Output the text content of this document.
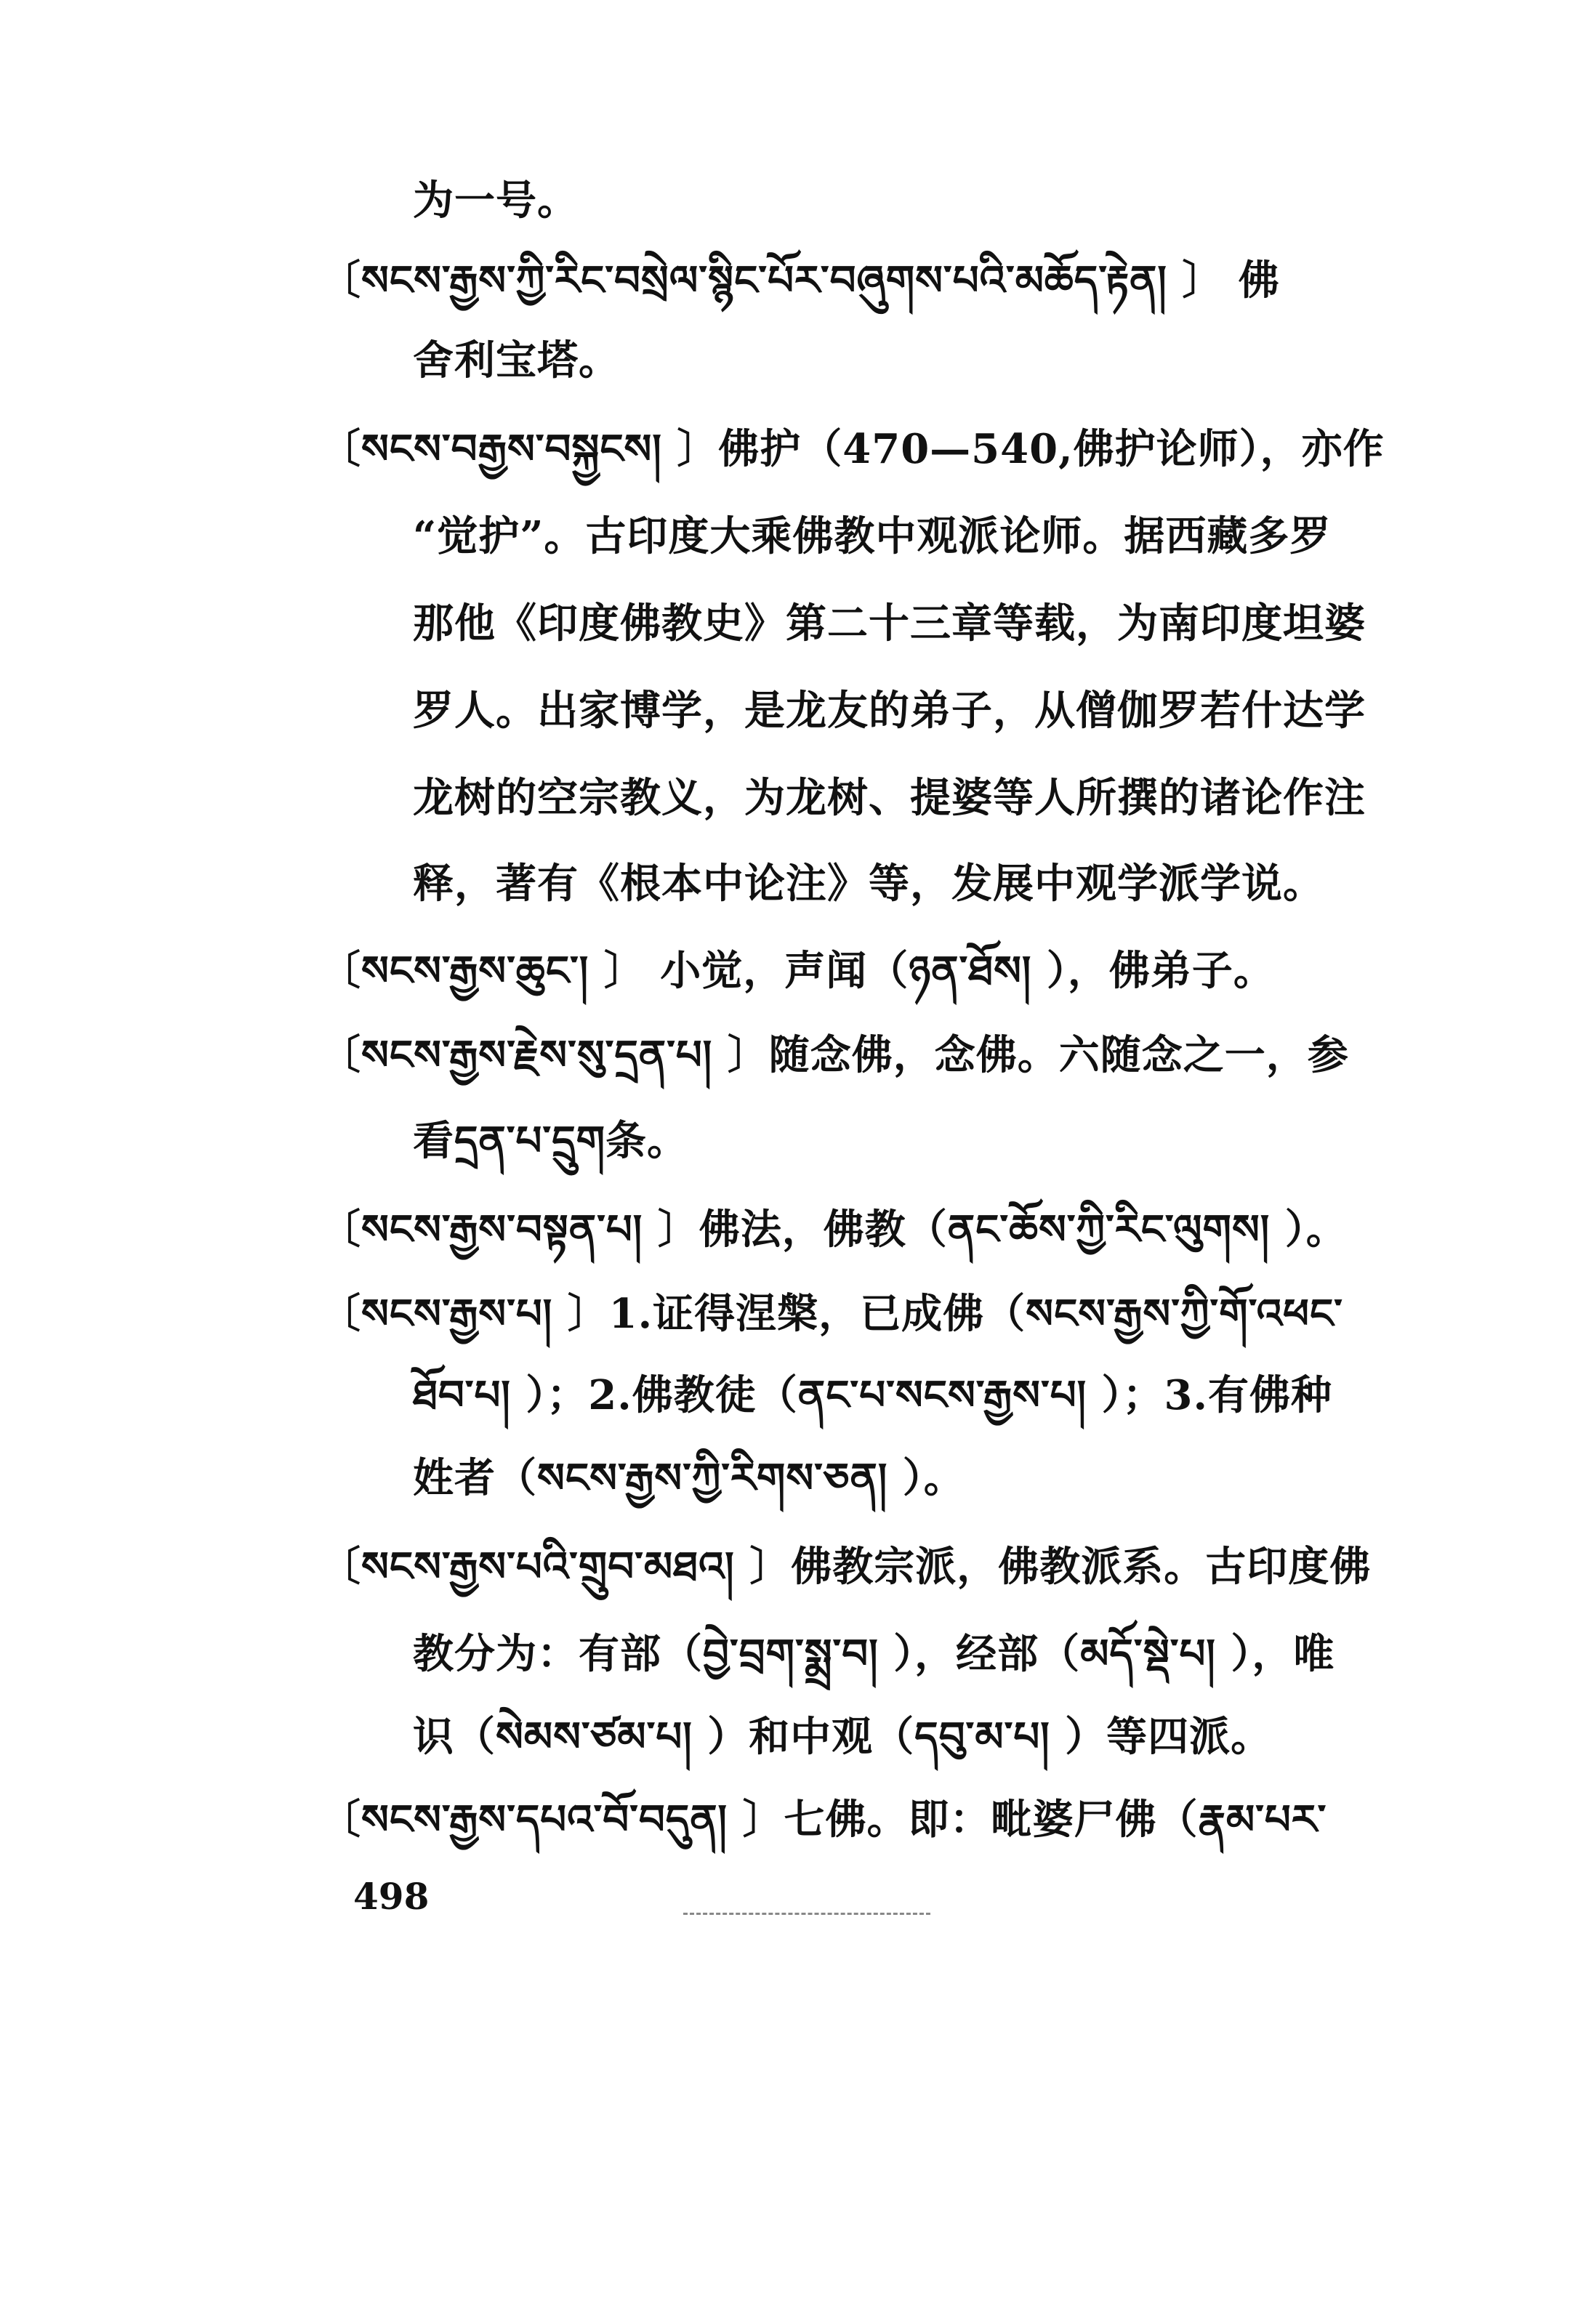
为一号。
〔སངས་རྒྱས་ཀྱི་རིང་བསྲེལ་སྙིང་པོར་བཞུགས་པའི་མཆོད་རྟེན། 〕 佛
舍利宝塔。
〔སངས་བརྒྱས་བསྐྱངས། 〕佛护（470—540,佛护论师），亦作
“觉护”。古印度大乘佛教中观派论师。据西藏多罗
那他《印度佛教史》第二十三章等载，为南印度坦婆
罗人。出家博学，是龙友的弟子，从僧伽罗若什达学
龙树的空宗教义，为龙树、提婆等人所撰的诸论作注
释，著有《根本中论注》等，发展中观学派学说。
〔སངས་རྒྱས་ཆུང་། 〕 小觉，声闻（ཉན་ཐོས། ），佛弟子。
〔སངས་རྒྱས་རྗེས་སུ་དྲན་པ། 〕随念佛，念佛。六随念之一，参
看དྲན་པ་དྲུག条。
〔སངས་རྒྱས་བསྟན་པ། 〕佛法，佛教（ནང་ཆོས་ཀྱི་རིང་ལུགས། ）。
〔སངས་རྒྱས་པ། 〕1.证得涅槃，已成佛（སངས་རྒྱས་ཀྱི་གོ་འཕང་
ཐོབ་པ། ）；2.佛教徒（ནང་པ་སངས་རྒྱས་པ། ）；3.有佛种
姓者（སངས་རྒྱས་ཀྱི་རིགས་ཅན། ）。
〔སངས་རྒྱས་པའི་གྲུབ་མཐའ། 〕佛教宗派，佛教派系。古印度佛
教分为：有部（བྱེ་བྲག་སྨྲ་བ། ），经部（མདོ་སྡེ་པ། ），唯
识（སེམས་ཙམ་པ། ）和中观（དབུ་མ་པ། ）等四派。
〔སངས་རྒྱས་དཔའ་བོ་བདུན། 〕七佛。即：毗婆尸佛（རྣམ་པར་
498
